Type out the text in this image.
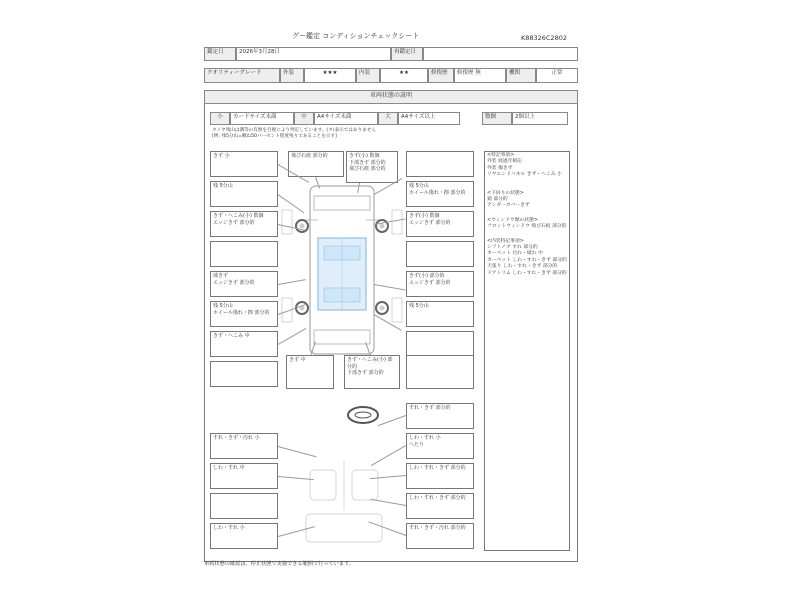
グー鑑定 コンディションチェックシート	K88326C2802
鑑定日	2026年3月28日	再鑑定日
クオリティーグレード	外装	★★★	内装	★★	修復歴	修復歴 無	機関	正常
車両状態の説明
小	カードサイズ未満	中	A4サイズ未満	大	A4サイズ以上	数個	2個以上
タイヤ残山は溝等の有無を目視により判定しています。(タ)表示ではありません
[例: 残5分山=概ね50パーセント程度残りであることを示す]
きず 小
残 5分山
きず・へこみ(小) 数個
エッジきず 部分的
凍きず
エッジきず 部分的
残 5分山
ホイール傷れ・擦 部分的
きず・へこみ 中
すれ・きず・汚れ 小
しわ・すれ 中
しわ・すれ 小
飛び石痕 部分的	きず(小) 数個
下部きず 部分的
飛び石痕 部分的
残 5分山
ホイール傷れ・擦 部分的
きず(小) 数個
エッジきず 部分的
きず(小) 部分的
エッジきず 部分的
残 5分山
すれ・きず 部分的
しわ・すれ 小
へたり
しわ・すれ・きず 部分的
しわ・すれ・きず 部分的
すれ・きず・汚れ 部分的
きず 中	きず・へこみ(小) 部分的
下部きず 部分的
<特記事項>
外装 経過年相応
外装 傷きず
リヤエンドパネル きず・へこみ 小
<下回りの状態>
錆 部分的
アンダーカバーきず
<ウィンドウ類の状態>
フロントウィンドウ 飛び石痕 部分的
<内装特記事項>
シフトノブ すれ 部分的
カーペット 汚れ・破れ 中
カーペット しわ・すれ・きず 部分的
天張り しわ・すれ・きず 部分的
ドアトリム しわ・すれ・きず 部分的
車両状態の確認は、停止状態で実施できる範囲で行っています。
